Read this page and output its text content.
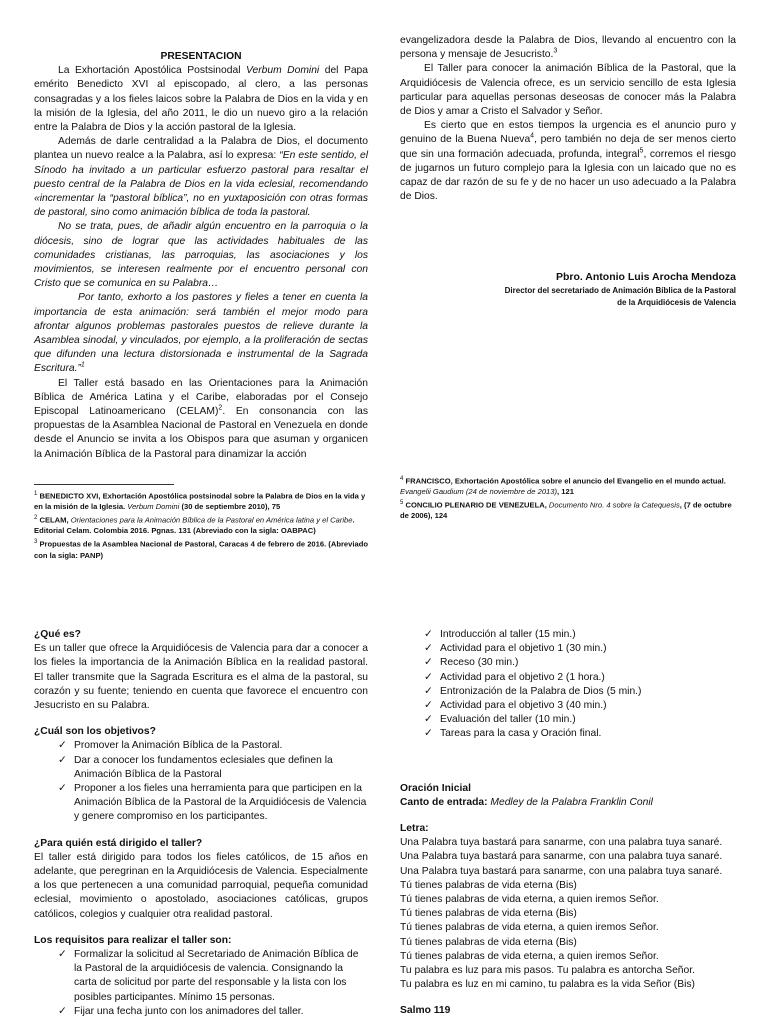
PRESENTACION

La Exhortación Apostólica Postsinodal Verbum Domini del Papa emérito Benedicto XVI al episcopado, al clero, a las personas consagradas y a los fieles laicos sobre la Palabra de Dios en la vida y en la misión de la Iglesia, del año 2011, le dio un nuevo giro a la relación entre la Palabra de Dios y la acción pastoral de la Iglesia.

Además de darle centralidad a la Palabra de Dios, el documento plantea un nuevo realce a la Palabra, así lo expresa: “En este sentido, el Sínodo ha invitado a un particular esfuerzo pastoral para resaltar el puesto central de la Palabra de Dios en la vida eclesial, recomendando «incrementar la “pastoral bíblica”, no en yuxtaposición con otras formas de pastoral, sino como animación bíblica de toda la pastoral.

No se trata, pues, de añadir algún encuentro en la parroquia o la diócesis, sino de lograr que las actividades habituales de las comunidades cristianas, las parroquias, las asociaciones y los movimientos, se interesen realmente por el encuentro personal con Cristo que se comunica en su Palabra…

Por tanto, exhorto a los pastores y fieles a tener en cuenta la importancia de esta animación: será también el mejor modo para afrontar algunos problemas pastorales puestos de relieve durante la Asamblea sinodal, y vinculados, por ejemplo, a la proliferación de sectas que difunden una lectura distorsionada e instrumental de la Sagrada Escritura.”$^1$

El Taller está basado en las Orientaciones para la Animación Bíblica de América Latina y el Caribe, elaboradas por el Consejo Episcopal Latinoamericano (CELAM)$^2$. En consonancia con las propuestas de la Asamblea Nacional de Pastoral en Venezuela en donde desde el Anuncio se invita a los Obispos para que asuman y organicen la Animación Bíblica de la Pastoral para dinamizar la acción

evangelizadora desde la Palabra de Dios, llevando al encuentro con la persona y mensaje de Jesucristo.$^3$

El Taller para conocer la animación Bíblica de la Pastoral, que la Arquidiócesis de Valencia ofrece, es un servicio sencillo de esta Iglesia particular para aquellas personas deseosas de conocer más la Palabra de Dios y amar a Cristo el Salvador y Señor.

Es cierto que en estos tiempos la urgencia es el anuncio puro y genuino de la Buena Nueva$^4$, pero también no deja de ser menos cierto que sin una formación adecuada, profunda, integral$^5$, corremos el riesgo de jugarnos un futuro complejo para la Iglesia con un laicado que no es capaz de dar razón de su fe y de no hacer un uso adecuado a la Palabra de Dios.

Pbro. Antonio Luis Arocha Mendoza
Director del secretariado de Animación Bíblica de la Pastoral
de la Arquidiócesis de Valencia

$^1$ BENEDICTO XVI, Exhortación Apostólica postsinodal sobre la Palabra de Dios en la vida y en la misión de la Iglesia. Verbum Domini (30 de septiembre 2010), 75

$^2$ CELAM, Orientaciones para la Animación Bíblica de la Pastoral en América latina y el Caribe. Editorial Celam. Colombia 2016. Pgnas. 131 (Abreviado con la sigla: OABPAC)

$^3$ Propuestas de la Asamblea Nacional de Pastoral, Caracas 4 de febrero de 2016. (Abreviado con la sigla: PANP)

$^4$ FRANCISCO, Exhortación Apostólica sobre el anuncio del Evangelio en el mundo actual. Evangelii Gaudium (24 de noviembre de 2013), 121

$^5$ CONCILIO PLENARIO DE VENEZUELA, Documento Nro. 4 sobre la Catequesis, (7 de octubre de 2006), 124

¿Qué es?

Es un taller que ofrece la Arquidiócesis de Valencia para dar a conocer a los fieles la importancia de la Animación Bíblica en la realidad pastoral. El taller transmite que la Sagrada Escritura es el alma de la pastoral, su corazón y su fuente; teniendo en cuenta que favorece el encuentro con Jesucristo en su Palabra.

¿Cuál son los objetivos?

✓ Promover la Animación Bíblica de la Pastoral.
✓ Dar a conocer los fundamentos eclesiales que definen la Animación Bíblica de la Pastoral
✓ Proponer a los fieles una herramienta para que participen en la Animación Bíblica de la Pastoral de la Arquidiócesis de Valencia y genere compromiso en los participantes.

¿Para quién está dirigido el taller?

El taller está dirigido para todos los fieles católicos, de 15 años en adelante, que peregrinan en la Arquidiócesis de Valencia. Especialmente a los que pertenecen a una comunidad parroquial, pequeña comunidad eclesial, movimiento o apostolado, asociaciones católicas, grupos católicos, colegios y cualquier otra realidad pastoral.

Los requisitos para realizar el taller son:

✓ Formalizar la solicitud al Secretariado de Animación Bíblica de la Pastoral de la arquidiócesis de valencia. Consignando la carta de solicitud por parte del responsable y la lista con los posibles participantes. Mínimo 15 personas.
✓ Fijar una fecha junto con los animadores del taller.
✓ Introducción al taller (15 min.)
✓ Actividad para el objetivo 1 (30 min.)
✓ Receso (30 min.)
✓ Actividad para el objetivo 2 (1 hora.)
✓ Entronización de la Palabra de Dios (5 min.)
✓ Actividad para el objetivo 3 (40 min.)
✓ Evaluación del taller (10 min.)
✓ Tareas para la casa y Oración final.

Oración Inicial

Canto de entrada: Medley de la Palabra Franklin Conil

Letra:

Una Palabra tuya bastará para sanarme, con una palabra tuya sanaré.

Una Palabra tuya bastará para sanarme, con una palabra tuya sanaré.

Una Palabra tuya bastará para sanarme, con una palabra tuya sanaré.

Tú tienes palabras de vida eterna (Bis)

Tú tienes palabras de vida eterna, a quien iremos Señor.

Tú tienes palabras de vida eterna (Bis)

Tú tienes palabras de vida eterna, a quien iremos Señor.

Tú tienes palabras de vida eterna (Bis)

Tú tienes palabras de vida eterna, a quien iremos Señor.

Tu palabra es luz para mis pasos. Tu palabra es antorcha Señor.

Tu palabra es luz en mi camino, tu palabra es la vida Señor (Bis)

Salmo 119
